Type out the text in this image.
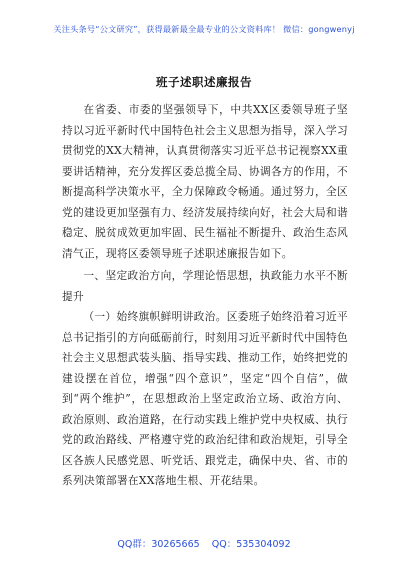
关注头条号“公文研究”，获得最新最全最专业的公文资料库！ 微信：gongwenyj
班子述职述廉报告

在省委、市委的坚强领导下，中共XX区委领导班子坚持以习近平新时代中国特色社会主义思想为指导，深入学习贯彻党的XX大精神，认真贯彻落实习近平总书记视察XX重要讲话精神，充分发挥区委总揽全局、协调各方的作用，不断提高科学决策水平，全力保障政令畅通。通过努力，全区党的建设更加坚强有力、经济发展持续向好，社会大局和谐稳定、脱贫成效更加牢固、民生福祉不断提升、政治生态风清气正，现将区委领导班子述职述廉报告如下。

一、坚定政治方向，学理论悟思想，执政能力水平不断提升

（一）始终旗帜鲜明讲政治。区委班子始终沿着习近平总书记指引的方向砥砺前行，时刻用习近平新时代中国特色社会主义思想武装头脑、指导实践、推动工作，始终把党的建设摆在首位，增强“四个意识”，坚定“四个自信”，做到“两个维护”，在思想政治上坚定政治立场、政治方向、政治原则、政治道路，在行动实践上维护党中央权威、执行党的政治路线、严格遵守党的政治纪律和政治规矩，引导全区各族人民感党恩、听党话、跟党走，确保中央、省、市的系列决策部署在XX落地生根、开花结果。

QQ群：30265665    QQ：535304092
